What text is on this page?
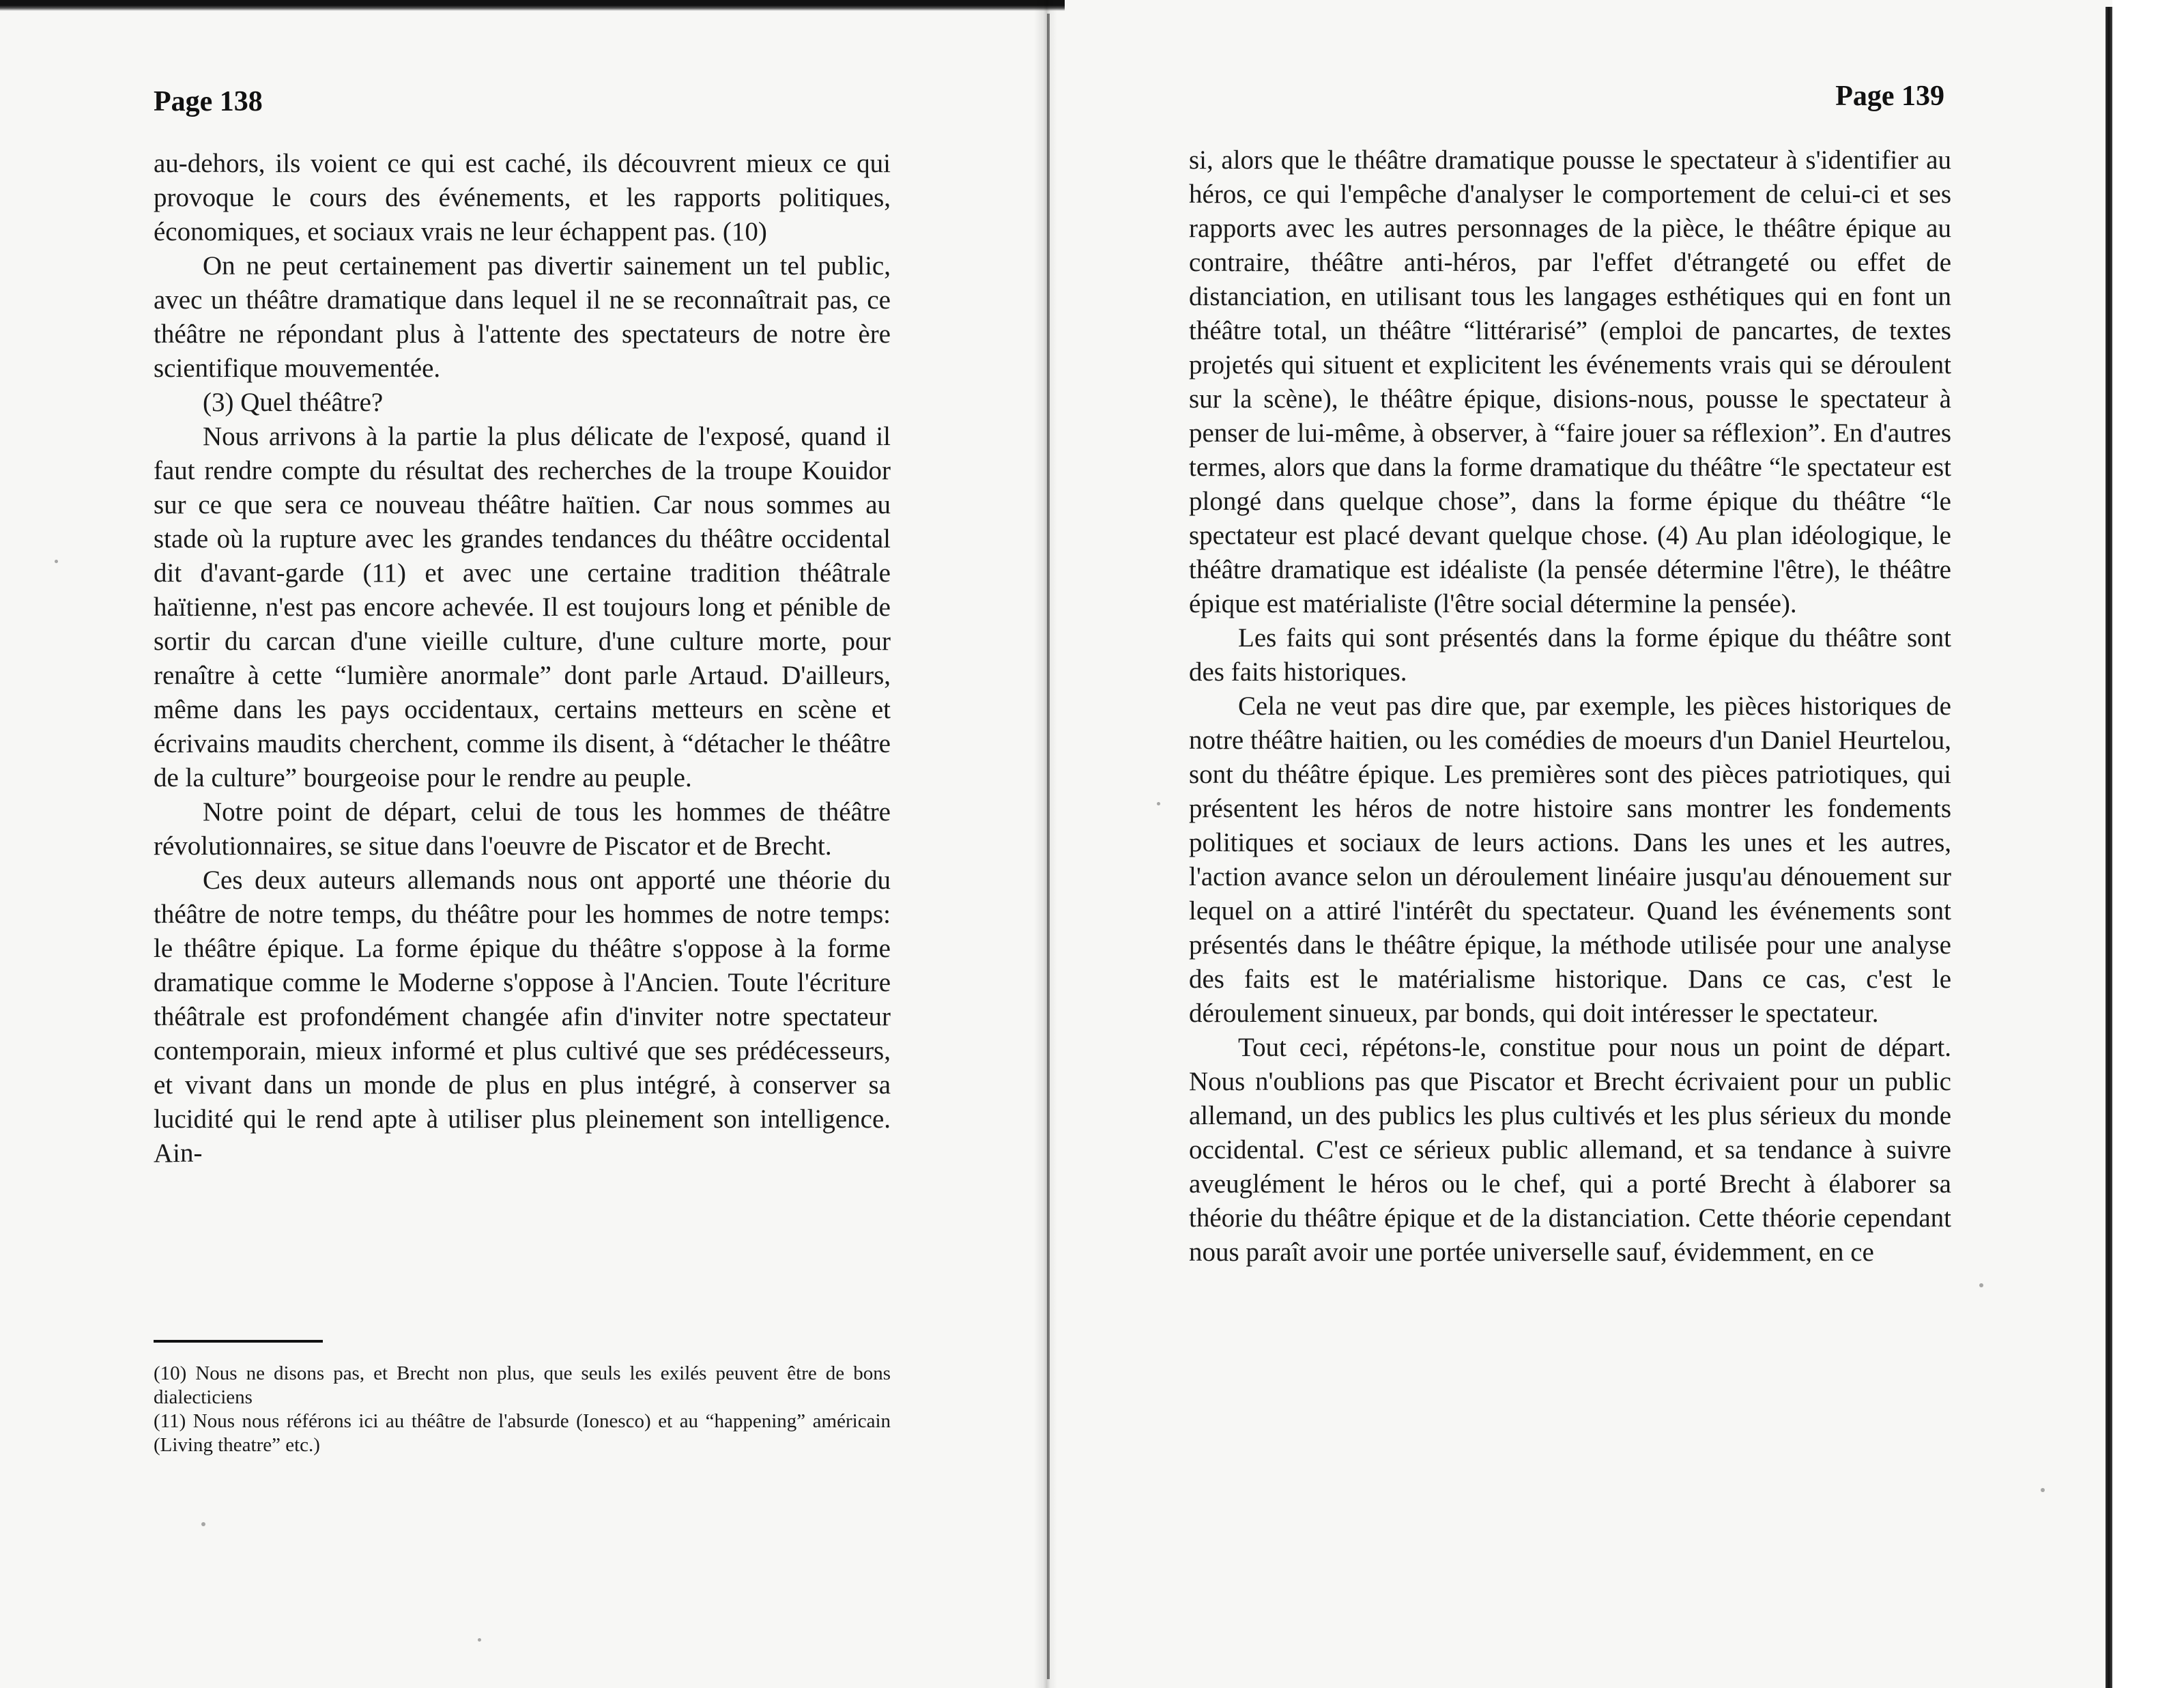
Page 138

au-dehors, ils voient ce qui est caché, ils découvrent mieux ce qui provoque le cours des événements, et les rapports politiques, économiques, et sociaux vrais ne leur échappent pas. (10)

On ne peut certainement pas divertir sainement un tel public, avec un théâtre dramatique dans lequel il ne se reconnaîtrait pas, ce théâtre ne répondant plus à l'attente des spectateurs de notre ère scientifique mouvementée.

(3) Quel théâtre?

Nous arrivons à la partie la plus délicate de l'exposé, quand il faut rendre compte du résultat des recherches de la troupe Kouidor sur ce que sera ce nouveau théâtre haïtien. Car nous sommes au stade où la rupture avec les grandes tendances du théâtre occidental dit d'avant-garde (11) et avec une certaine tradition théâtrale haïtienne, n'est pas encore achevée. Il est toujours long et pénible de sortir du carcan d'une vieille culture, d'une culture morte, pour renaître à cette “lumière anormale” dont parle Artaud. D'ailleurs, même dans les pays occidentaux, certains metteurs en scène et écrivains maudits cherchent, comme ils disent, à “détacher le théâtre de la culture” bourgeoise pour le rendre au peuple.

Notre point de départ, celui de tous les hommes de théâtre révolutionnaires, se situe dans l'oeuvre de Piscator et de Brecht.

Ces deux auteurs allemands nous ont apporté une théorie du théâtre de notre temps, du théâtre pour les hommes de notre temps: le théâtre épique. La forme épique du théâtre s'oppose à la forme dramatique comme le Moderne s'oppose à l'Ancien. Toute l'écriture théâtrale est profondément changée afin d'inviter notre spectateur contemporain, mieux informé et plus cultivé que ses prédécesseurs, et vivant dans un monde de plus en plus intégré, à conserver sa lucidité qui le rend apte à utiliser plus pleinement son intelligence. Ain-

(10) Nous ne disons pas, et Brecht non plus, que seuls les exilés peuvent être de bons dialecticiens

(11) Nous nous référons ici au théâtre de l'absurde (Ionesco) et au “happening” américain (Living theatre” etc.)

Page 139

si, alors que le théâtre dramatique pousse le spectateur à s'identifier au héros, ce qui l'empêche d'analyser le comportement de celui-ci et ses rapports avec les autres personnages de la pièce, le théâtre épique au contraire, théâtre anti-héros, par l'effet d'étrangeté ou effet de distanciation, en utilisant tous les langages esthétiques qui en font un théâtre total, un théâtre “littérarisé” (emploi de pancartes, de textes projetés qui situent et explicitent les événements vrais qui se déroulent sur la scène), le théâtre épique, disions-nous, pousse le spectateur à penser de lui-même, à observer, à “faire jouer sa réflexion”. En d'autres termes, alors que dans la forme dramatique du théâtre “le spectateur est plongé dans quelque chose”, dans la forme épique du théâtre “le spectateur est placé devant quelque chose. (4) Au plan idéologique, le théâtre dramatique est idéaliste (la pensée détermine l'être), le théâtre épique est matérialiste (l'être social détermine la pensée).

Les faits qui sont présentés dans la forme épique du théâtre sont des faits historiques.

Cela ne veut pas dire que, par exemple, les pièces historiques de notre théâtre haitien, ou les comédies de moeurs d'un Daniel Heurtelou, sont du théâtre épique. Les premières sont des pièces patriotiques, qui présentent les héros de notre histoire sans montrer les fondements politiques et sociaux de leurs actions. Dans les unes et les autres, l'action avance selon un déroulement linéaire jusqu'au dénouement sur lequel on a attiré l'intérêt du spectateur. Quand les événements sont présentés dans le théâtre épique, la méthode utilisée pour une analyse des faits est le matérialisme historique. Dans ce cas, c'est le déroulement sinueux, par bonds, qui doit intéresser le spectateur.

Tout ceci, répétons-le, constitue pour nous un point de départ. Nous n'oublions pas que Piscator et Brecht écrivaient pour un public allemand, un des publics les plus cultivés et les plus sérieux du monde occidental. C'est ce sérieux public allemand, et sa tendance à suivre aveuglément le héros ou le chef, qui a porté Brecht à élaborer sa théorie du théâtre épique et de la distanciation. Cette théorie cependant nous paraît avoir une portée universelle sauf, évidemment, en ce
